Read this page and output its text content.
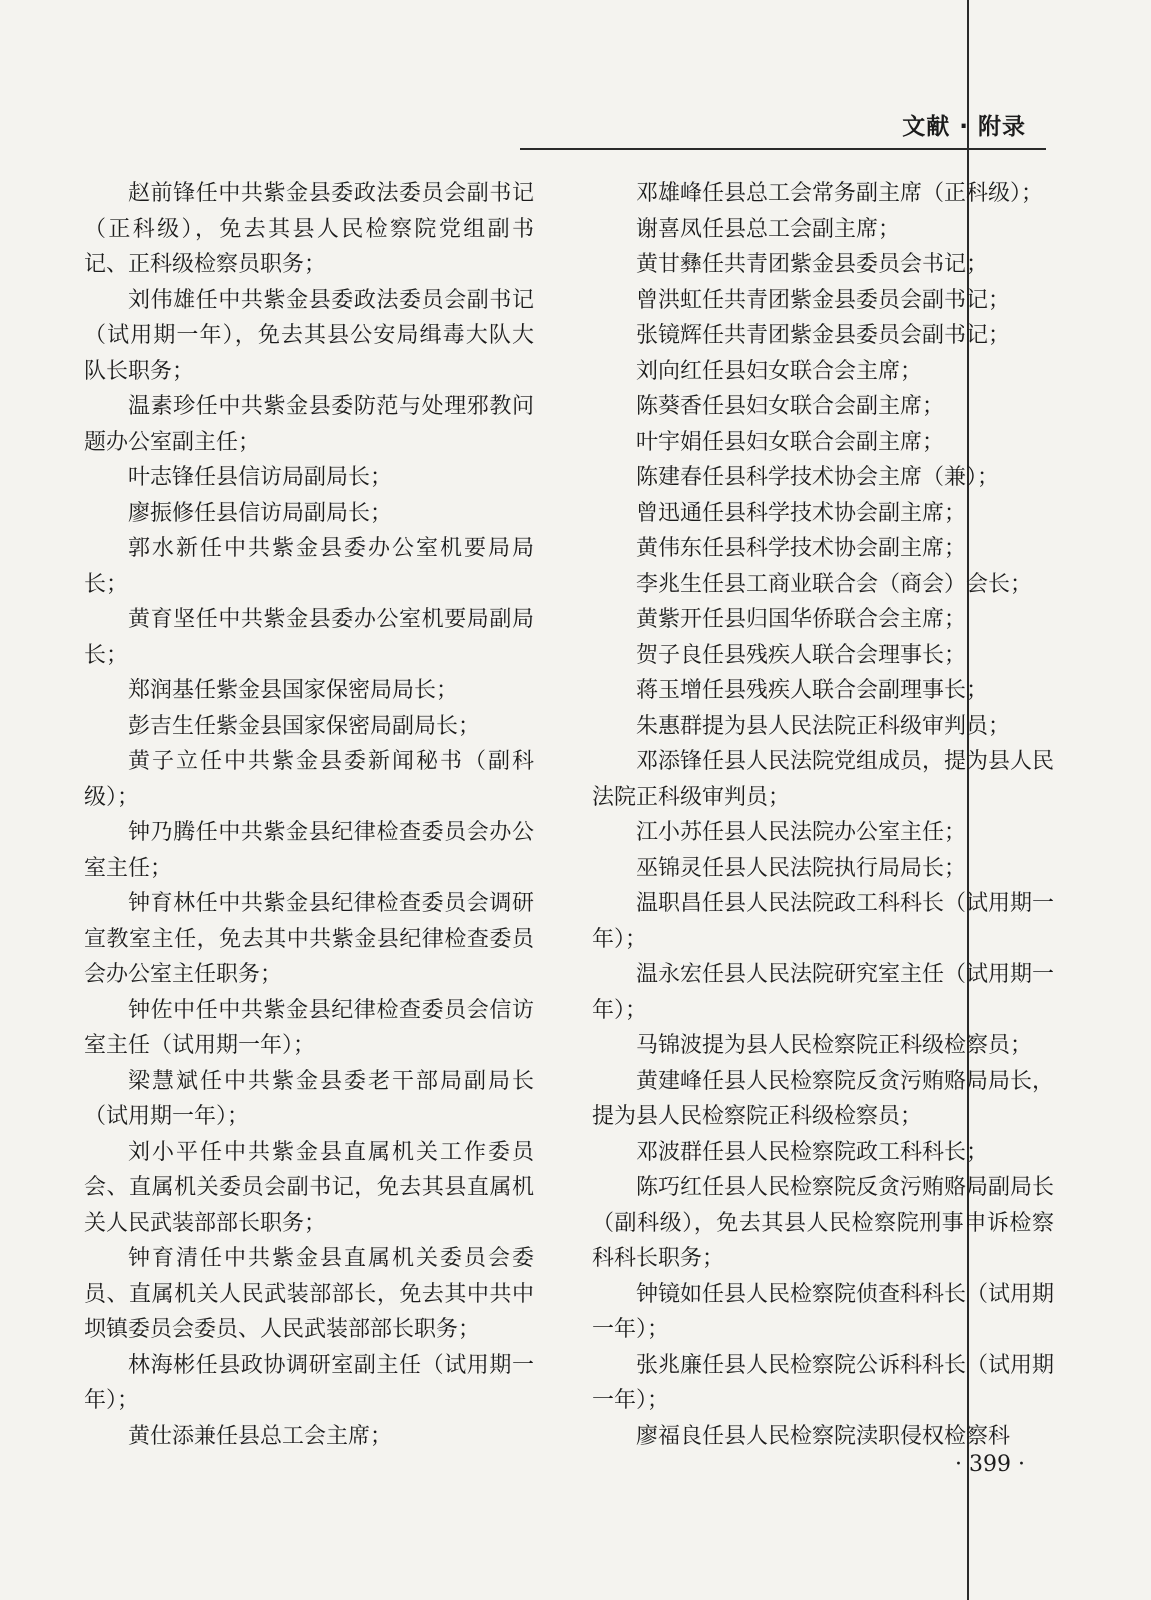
文献 · 附录

赵前锋任中共紫金县委政法委员会副书记（正科级），免去其县人民检察院党组副书记、正科级检察员职务；

刘伟雄任中共紫金县委政法委员会副书记（试用期一年），免去其县公安局缉毒大队大队长职务；

温素珍任中共紫金县委防范与处理邪教问题办公室副主任；

叶志锋任县信访局副局长；

廖振修任县信访局副局长；

郭水新任中共紫金县委办公室机要局局长；

黄育坚任中共紫金县委办公室机要局副局长；

郑润基任紫金县国家保密局局长；

彭吉生任紫金县国家保密局副局长；

黄子立任中共紫金县委新闻秘书（副科级）；

钟乃腾任中共紫金县纪律检查委员会办公室主任；

钟育林任中共紫金县纪律检查委员会调研宣教室主任，免去其中共紫金县纪律检查委员会办公室主任职务；

钟佐中任中共紫金县纪律检查委员会信访室主任（试用期一年）；

梁慧斌任中共紫金县委老干部局副局长（试用期一年）；

刘小平任中共紫金县直属机关工作委员会、直属机关委员会副书记，免去其县直属机关人民武装部部长职务；

钟育清任中共紫金县直属机关委员会委员、直属机关人民武装部部长，免去其中共中坝镇委员会委员、人民武装部部长职务；

林海彬任县政协调研室副主任（试用期一年）；

黄仕添兼任县总工会主席；

邓雄峰任县总工会常务副主席（正科级）；

谢喜凤任县总工会副主席；

黄甘彝任共青团紫金县委员会书记；

曾洪虹任共青团紫金县委员会副书记；

张镜辉任共青团紫金县委员会副书记；

刘向红任县妇女联合会主席；

陈葵香任县妇女联合会副主席；

叶宇娟任县妇女联合会副主席；

陈建春任县科学技术协会主席（兼）；

曾迅通任县科学技术协会副主席；

黄伟东任县科学技术协会副主席；

李兆生任县工商业联合会（商会）会长；

黄紫开任县归国华侨联合会主席；

贺子良任县残疾人联合会理事长；

蒋玉增任县残疾人联合会副理事长；

朱惠群提为县人民法院正科级审判员；

邓添锋任县人民法院党组成员，提为县人民法院正科级审判员；

江小苏任县人民法院办公室主任；

巫锦灵任县人民法院执行局局长；

温职昌任县人民法院政工科科长（试用期一年）；

温永宏任县人民法院研究室主任（试用期一年）；

马锦波提为县人民检察院正科级检察员；

黄建峰任县人民检察院反贪污贿赂局局长，提为县人民检察院正科级检察员；

邓波群任县人民检察院政工科科长；

陈巧红任县人民检察院反贪污贿赂局副局长（副科级），免去其县人民检察院刑事申诉检察科科长职务；

钟镜如任县人民检察院侦查科科长（试用期一年）；

张兆廉任县人民检察院公诉科科长（试用期一年）；

廖福良任县人民检察院渎职侵权检察科

· 399 ·
